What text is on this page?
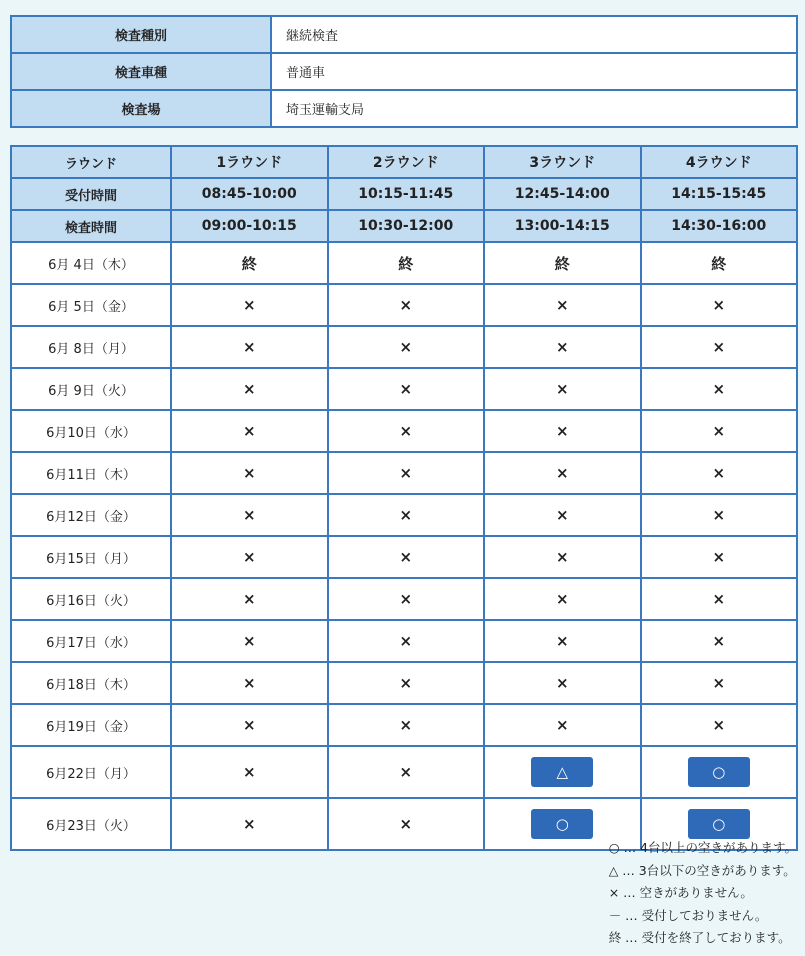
検査種別	継続検査
検査車種	普通車
検査場	埼玉運輸支局
ラウンド	1ラウンド	2ラウンド	3ラウンド	4ラウンド
受付時間	08:45-10:00	10:15-11:45	12:45-14:00	14:15-15:45
検査時間	09:00-10:15	10:30-12:00	13:00-14:15	14:30-16:00
6月 4日（木）	終	終	終	終
6月 5日（金）	×	×	×	×
6月 8日（月）	×	×	×	×
6月 9日（火）	×	×	×	×
6月10日（水）	×	×	×	×
6月11日（木）	×	×	×	×
6月12日（金）	×	×	×	×
6月15日（月）	×	×	×	×
6月16日（火）	×	×	×	×
6月17日（水）	×	×	×	×
6月18日（木）	×	×	×	×
6月19日（金）	×	×	×	×
6月22日（月）	×	×	△	○
6月23日（火）	×	×	○	○
○ … 4台以上の空きがあります。
△ … 3台以下の空きがあります。
× … 空きがありません。
－ … 受付しておりません。
終 … 受付を終了しております。
